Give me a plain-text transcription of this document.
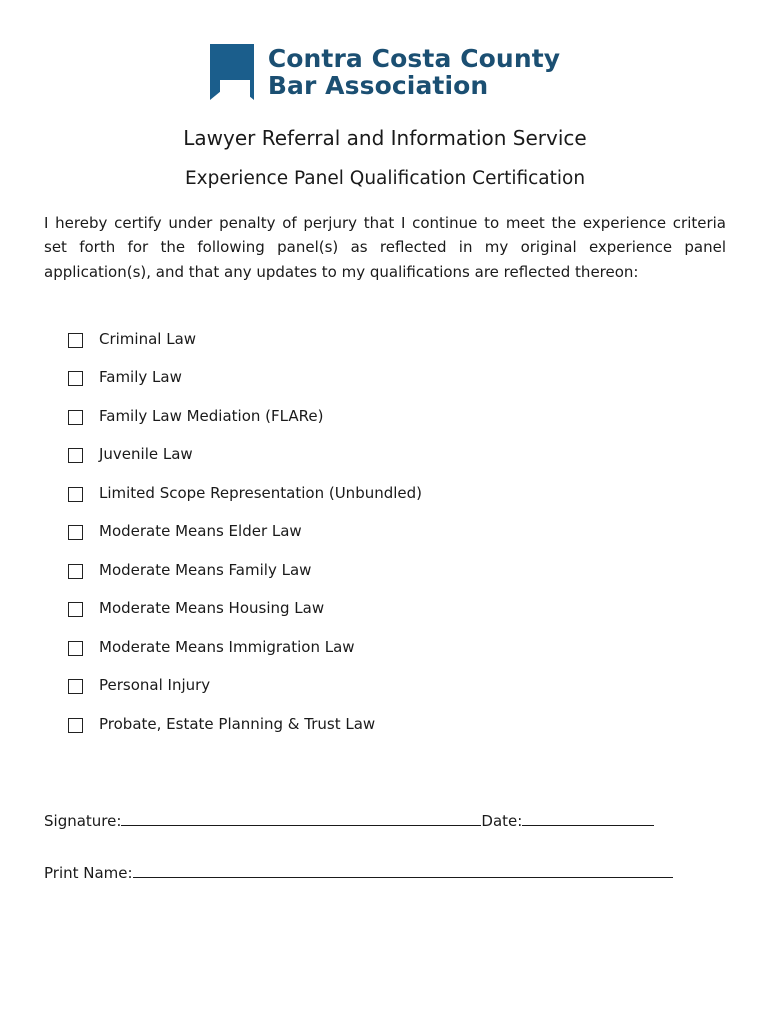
Contra Costa County
Bar Association
Lawyer Referral and Information Service
Experience Panel Qualification Certification

I hereby certify under penalty of perjury that I continue to meet the experience criteria set forth for the following panel(s) as reflected in my original experience panel application(s), and that any updates to my qualifications are reflected thereon:

Criminal Law
Family Law
Family Law Mediation (FLARe)
Juvenile Law
Limited Scope Representation (Unbundled)
Moderate Means Elder Law
Moderate Means Family Law
Moderate Means Housing Law
Moderate Means Immigration Law
Personal Injury
Probate, Estate Planning & Trust Law
Signature:	Date:
Print Name:
